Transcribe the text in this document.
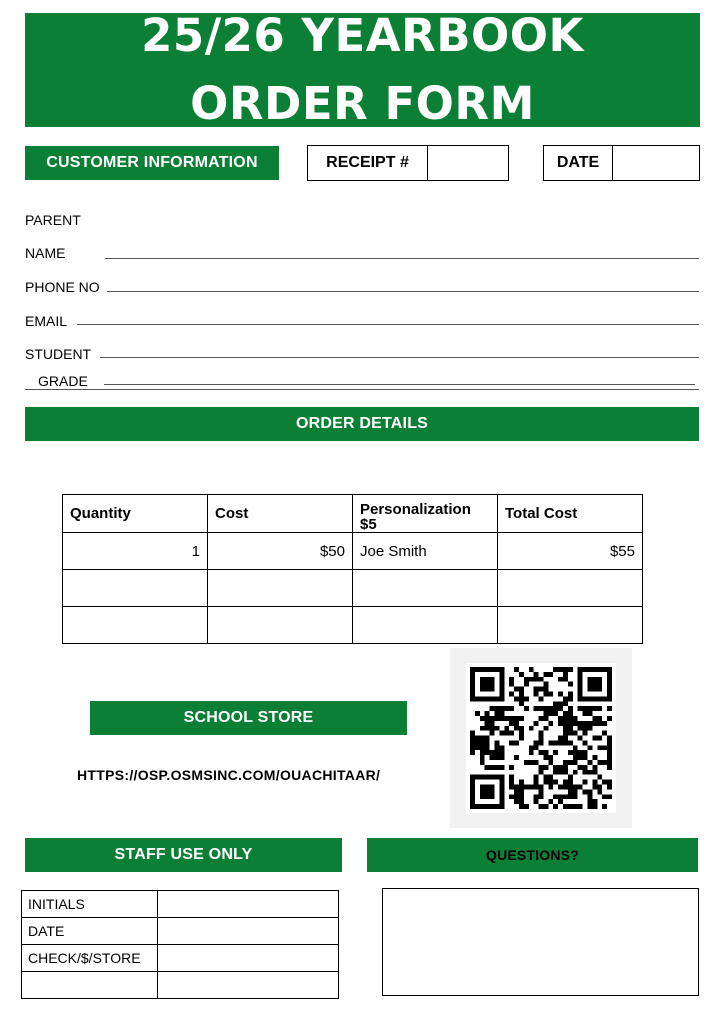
25/26 YEARBOOK
ORDER FORM
CUSTOMER INFORMATION	RECEIPT #	DATE
PARENT
NAME
PHONE NO
EMAIL
STUDENT
GRADE
ORDER DETAILS
Quantity	Cost	Personalization $5	Total Cost
1	$50	Joe Smith	$55

SCHOOL STORE
HTTPS://OSP.OSMSINC.COM/OUACHITAAR/
STAFF USE ONLY
INITIALS	
DATE	
CHECK/$/STORE	

QUESTIONS?
